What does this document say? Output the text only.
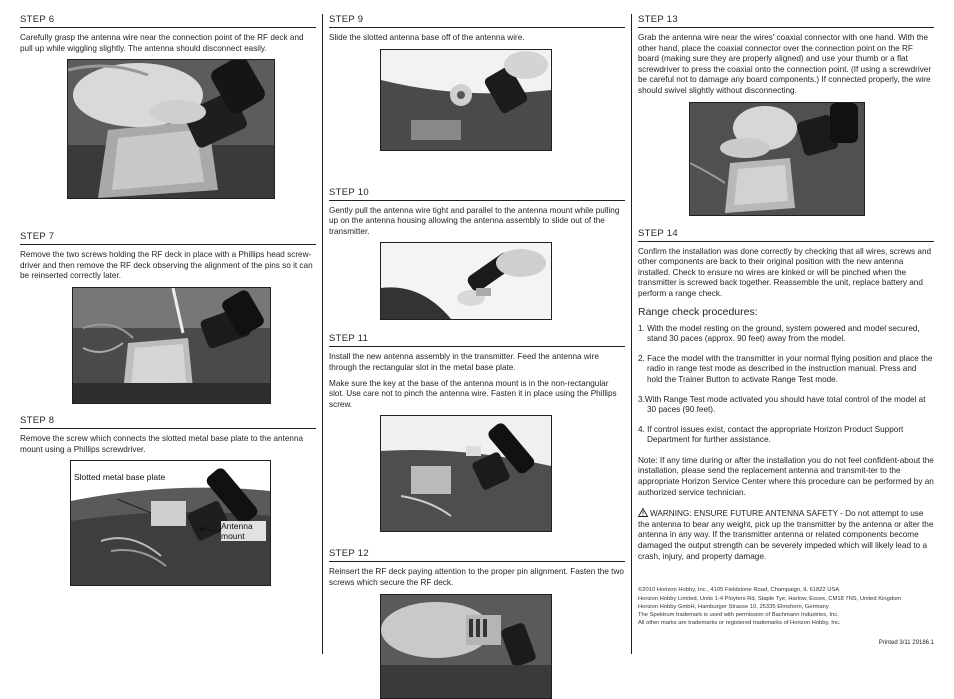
STEP 6

Carefully grasp the antenna wire near the connection point of the RF deck and pull up while wiggling slightly. The antenna should disconnect easily.

STEP 7

Remove the two screws holding the RF deck in place with a Phillips head screw-driver and then remove the RF deck observing the alignment of the pins so it can be reinserted correctly later.

STEP 8

Remove the screw which connects the slotted metal base plate to the antenna mount using a Phillips screwdriver.

Slotted metal base plate
Antenna mount
STEP 9

Slide the slotted antenna base off of the antenna wire.

STEP 10

Gently pull the antenna wire tight and parallel to the antenna mount while pulling up on the antenna housing allowing the antenna assembly to slide out of the transmitter.

STEP 11

Install the new antenna assembly in the transmitter. Feed the antenna wire through the rectangular slot in the metal base plate.

Make sure the key at the base of the antenna mount is in the non-rectangular slot. Use care not to pinch the antenna wire. Fasten it in place using the Phillips screw.

STEP 12

Reinsert the RF deck paying attention to the proper pin alignment. Fasten the two screws which secure the RF deck.

STEP 13

Grab the antenna wire near the wires' coaxial connector with one hand. With the other hand, place the coaxial connector over the connection point on the RF board (making sure they are properly aligned) and use your thumb or a flat screwdriver to press the coaxial onto the connection point. (If using a screwdriver be careful not to damage any board components.) If connected properly, the wire should swivel slightly without disconnecting.

STEP 14

Confirm the installation was done correctly by checking that all wires, screws and other components are back to their original position with the new antenna installed. Check to ensure no wires are kinked or will be pinched when the transmitter is screwed back together. Reassemble the unit, replace battery and perform a range check.

Range check procedures:

1. With the model resting on the ground, system powered and model secured, stand 30 paces (approx. 90 feet) away from the model.

2. Face the model with the transmitter in your normal flying position and place the radio in range test mode as described in the instruction manual. Press and hold the Trainer Button to activate Range Test mode.

3.With Range Test mode activated you should have total control of the model at 30 paces (90 feet).

4. If control issues exist, contact the appropriate Horizon Product Support Department for further assistance.

Note: If any time during or after the installation you do not feel confident-about the installation, please send the replacement antenna and transmit-ter to the appropriate Horizon Service Center where this procedure can be performed by an authorized service technician.

WARNING: ENSURE FUTURE ANTENNA SAFETY - Do not attempt to use the antenna to bear any weight, pick up the transmitter by the antenna or alter the antenna in any way. If the transmitter antenna or related components become damaged the output strength can be severely impeded which will likely lead to a crash, injury, and property damage.

©2010 Horizon Hobby, Inc., 4105 Fieldstone Road, Champaign, IL 61822 USA
Horizon Hobby Limited, Units 1-4 Ployters Rd, Staple Tye, Harlow, Essex, CM18 7NS, United Kingdom
Horizon Hobby GmbH, Hamburger Strasse 10, 25335 Elmshorn, Germany
The Spektrum trademark is used with permission of Bachmann Industries, Inc.
All other marks are trademarks or registered trademarks of Horizon Hobby, Inc.
Printed 3/11 29186.1
